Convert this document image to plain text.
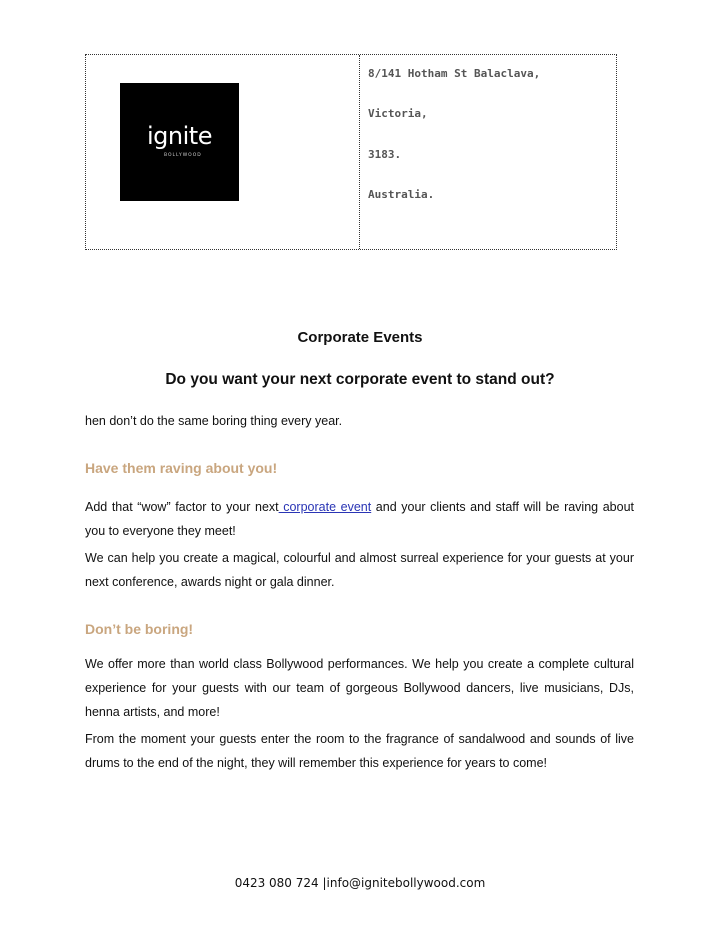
ignite
BOLLYWOOD
8/141 Hotham St Balaclava,
Victoria,
3183.
Australia.
Corporate Events
Do you want your next corporate event to stand out?

hen don’t do the same boring thing every year.

Have them raving about you!

Add that “wow” factor to your next corporate event and your clients and staff will be raving about you to everyone they meet!

We can help you create a magical, colourful and almost surreal experience for your guests at your next conference, awards night or gala dinner.

Don’t be boring!

We offer more than world class Bollywood performances. We help you create a complete cultural experience for your guests with our team of gorgeous Bollywood dancers, live musicians, DJs, henna artists, and more!

From the moment your guests enter the room to the fragrance of sandalwood and sounds of live drums to the end of the night, they will remember this experience for years to come!

0423 080 724 |info@ignitebollywood.com
